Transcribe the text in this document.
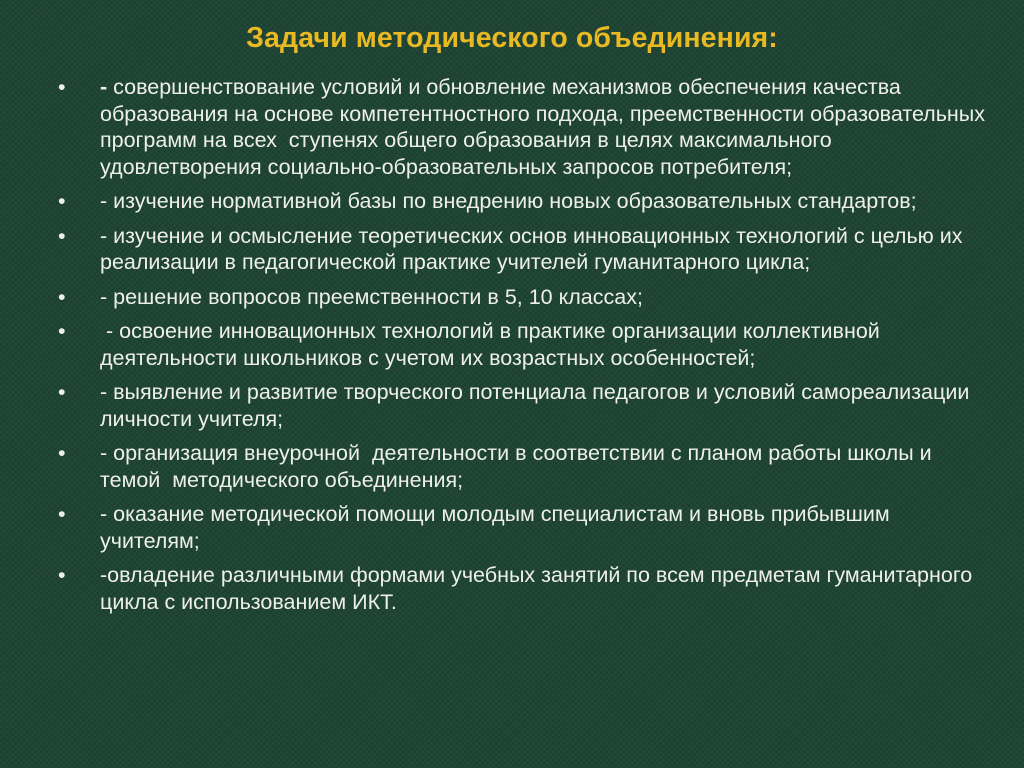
Задачи методического объединения:
• - совершенствование условий и обновление механизмов обеспечения качества образования на основе компетентностного подхода, преемственности образовательных программ на всех  ступенях общего образования в целях максимального удовлетворения социально-образовательных запросов потребителя;
• - изучение нормативной базы по внедрению новых образовательных стандартов;
• - изучение и осмысление теоретических основ инновационных технологий с целью их реализации в педагогической практике учителей гуманитарного цикла;
• - решение вопросов преемственности в 5, 10 классах;
• - освоение инновационных технологий в практике организации коллективной деятельности школьников с учетом их возрастных особенностей;
• - выявление и развитие творческого потенциала педагогов и условий самореализации личности учителя;
• - организация внеурочной  деятельности в соответствии с планом работы школы и темой  методического объединения;
• - оказание методической помощи молодым специалистам и вновь прибывшим учителям;
• -овладение различными формами учебных занятий по всем предметам гуманитарного цикла с использованием ИКТ.
